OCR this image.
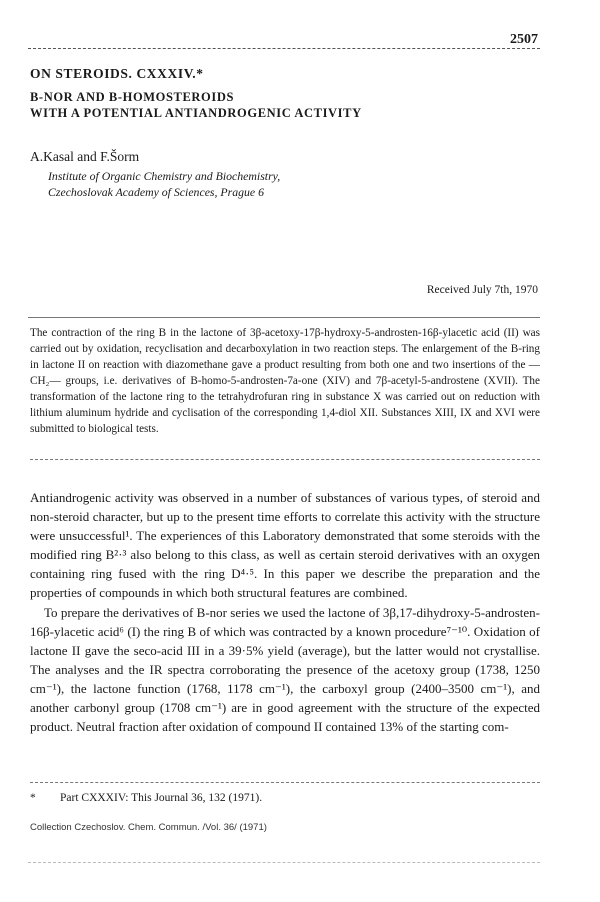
2507

ON STEROIDS. CXXXIV.*

B-NOR AND B-HOMOSTEROIDS
WITH A POTENTIAL ANTIANDROGENIC ACTIVITY

A.Kasal and F.Šorm
Institute of Organic Chemistry and Biochemistry,
Czechoslovak Academy of Sciences, Prague 6
Received July 7th, 1970
The contraction of the ring B in the lactone of 3β-acetoxy-17β-hydroxy-5-androsten-16β-ylacetic acid (II) was carried out by oxidation, recyclisation and decarboxylation in two reaction steps. The enlargement of the B-ring in lactone II on reaction with diazomethane gave a product resulting from both one and two insertions of the —CH₂— groups, i.e. derivatives of B-homo-5-androsten-7a-one (XIV) and 7β-acetyl-5-androstene (XVII). The transformation of the lactone ring to the tetrahydrofuran ring in substance X was carried out on reduction with lithium aluminum hydride and cyclisation of the corresponding 1,4-diol XII. Substances XIII, IX and XVI were submitted to biological tests.

Antiandrogenic activity was observed in a number of substances of various types, of steroid and non-steroid character, but up to the present time efforts to correlate this activity with the structure were unsuccessful¹. The experiences of this Laboratory demonstrated that some steroids with the modified ring B²·³ also belong to this class, as well as certain steroid derivatives with an oxygen containing ring fused with the ring D⁴·⁵. In this paper we describe the preparation and the properties of compounds in which both structural features are combined.

To prepare the derivatives of B-nor series we used the lactone of 3β,17-dihydroxy-5-androsten-16β-ylacetic acid⁶ (I) the ring B of which was contracted by a known procedure⁷⁻¹⁰. Oxidation of lactone II gave the seco-acid III in a 39·5% yield (average), but the latter would not crystallise. The analyses and the IR spectra corroborating the presence of the acetoxy group (1738, 1250 cm⁻¹), the lactone function (1768, 1178 cm⁻¹), the carboxyl group (2400–3500 cm⁻¹), and another carbonyl group (1708 cm⁻¹) are in good agreement with the structure of the expected product. Neutral fraction after oxidation of compound II contained 13% of the starting com-

* Part CXXXIV: This Journal 36, 132 (1971).
Collection Czechoslov. Chem. Commun. /Vol. 36/ (1971)
